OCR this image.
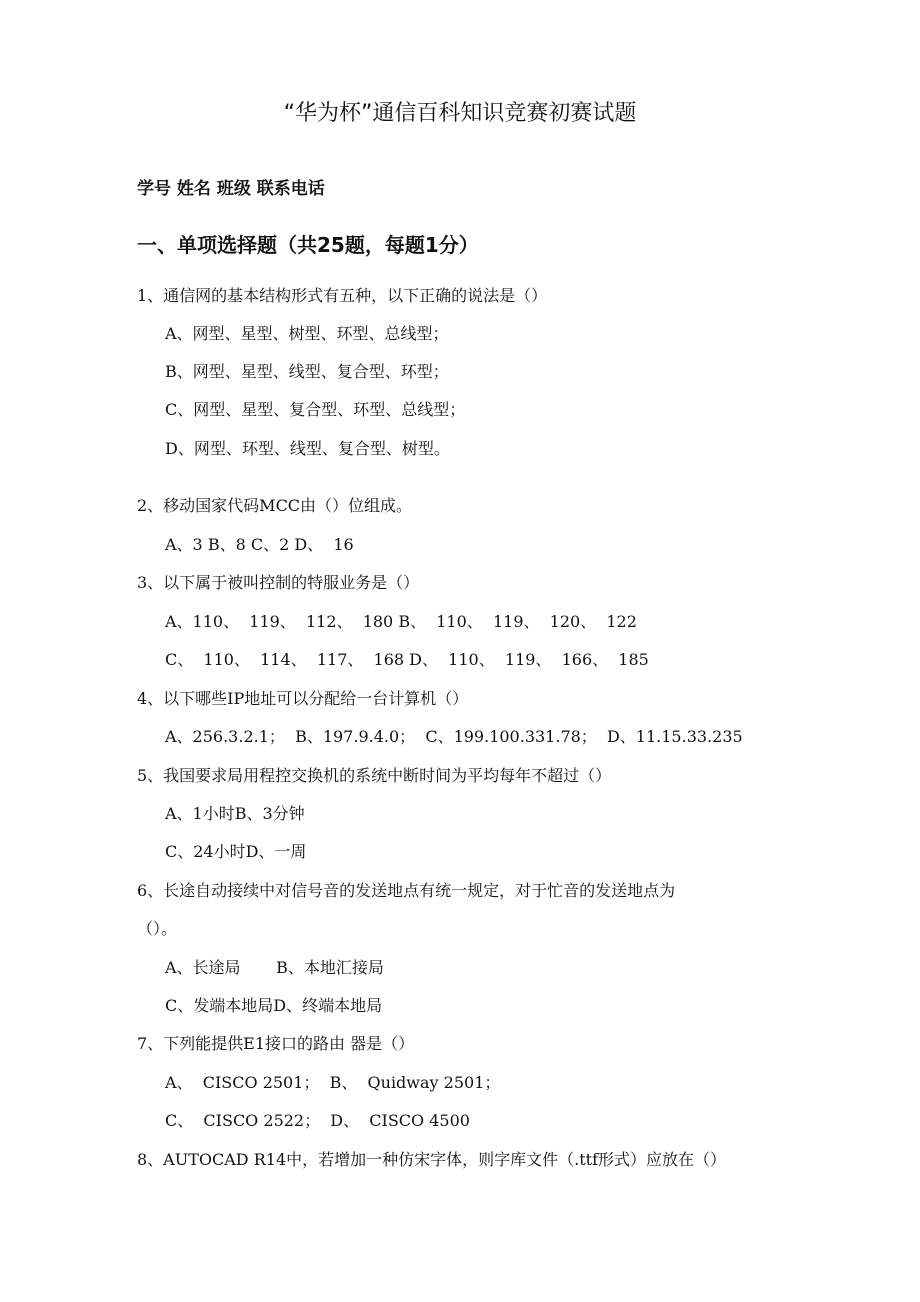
“华为杯”通信百科知识竞赛初赛试题
学号 姓名 班级 联系电话
一、单项选择题（共25题，每题1分）
1、通信网的基本结构形式有五种，以下正确的说法是（）
A、网型、星型、树型、环型、总线型；
B、网型、星型、线型、复合型、环型；
C、网型、星型、复合型、环型、总线型；
D、网型、环型、线型、复合型、树型。
2、移动国家代码MCC由（）位组成。
A、3 B、8 C、2 D、  16
3、以下属于被叫控制的特服业务是（）
A、110、  119、  112、  180 B、  110、  119、  120、  122
C、  110、  114、  117、  168 D、  110、  119、  166、  185
4、以下哪些IP地址可以分配给一台计算机（）
A、256.3.2.1；  B、197.9.4.0；  C、199.100.331.78；  D、11.15.33.235
5、我国要求局用程控交换机的系统中断时间为平均每年不超过（）
A、1小时B、3分钟
C、24小时D、一周
6、长途自动接续中对信号音的发送地点有统一规定，对于忙音的发送地点为
（）。
A、长途局       B、本地汇接局
C、发端本地局D、终端本地局
7、下列能提供E1接口的路由 器是（）
A、  CISCO 2501；  B、  Quidway 2501；
C、  CISCO 2522；  D、  CISCO 4500
8、AUTOCAD R14中，若增加一种仿宋字体，则字库文件（.ttf形式）应放在（）
